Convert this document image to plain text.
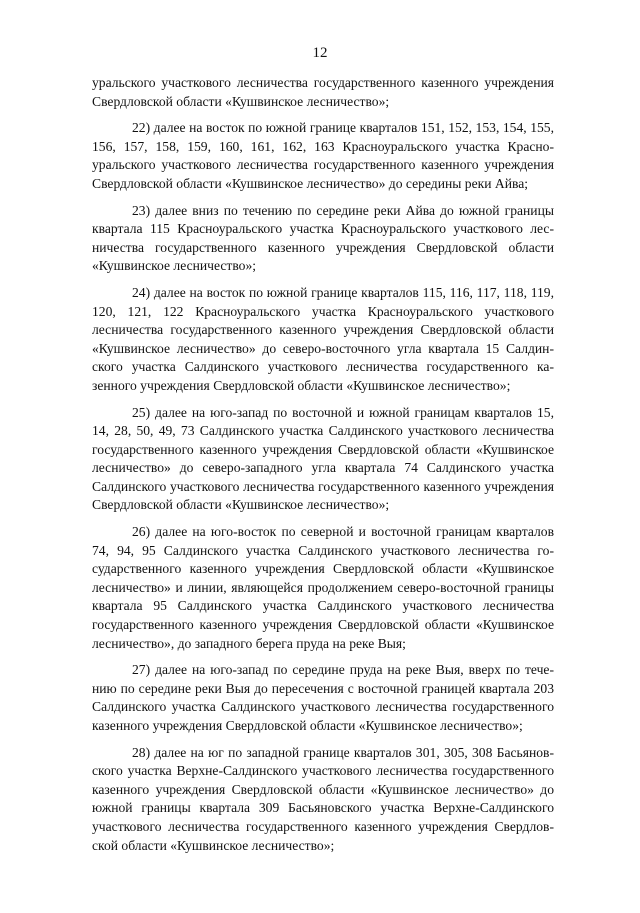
12

уральского участкового лесничества государственного казенного учреждения Свердловской области «Кушвинское лесничество»;

22) далее на восток по южной границе кварталов 151, 152, 153, 154, 155, 156, 157, 158, 159, 160, 161, 162, 163 Красноуральского участка Красноуральского участкового лесничества государственного казенного учреждения Свердловской области «Кушвинское лесничество» до середины реки Айва;

23) далее вниз по течению по середине реки Айва до южной границы квартала 115 Красноуральского участка Красноуральского участкового лесничества государственного казенного учреждения Свердловской области «Кушвинское лесничество»;

24) далее на восток по южной границе кварталов 115, 116, 117, 118, 119, 120, 121, 122 Красноуральского участка Красноуральского участкового лесничества государственного казенного учреждения Свердловской области «Кушвинское лесничество» до северо-восточного угла квартала 15 Салдинского участка Салдинского участкового лесничества государственного казенного учреждения Свердловской области «Кушвинское лесничество»;

25) далее на юго-запад по восточной и южной границам кварталов 15, 14, 28, 50, 49, 73 Салдинского участка Салдинского участкового лесничества государственного казенного учреждения Свердловской области «Кушвинское лесничество» до северо-западного угла квартала 74 Салдинского участка Салдинского участкового лесничества государственного казенного учреждения Свердловской области «Кушвинское лесничество»;

26) далее на юго-восток по северной и восточной границам кварталов 74, 94, 95 Салдинского участка Салдинского участкового лесничества государственного казенного учреждения Свердловской области «Кушвинское лесничество» и линии, являющейся продолжением северо-восточной границы квартала 95 Салдинского участка Салдинского участкового лесничества государственного казенного учреждения Свердловской области «Кушвинское лесничество», до западного берега пруда на реке Выя;

27) далее на юго-запад по середине пруда на реке Выя, вверх по течению по середине реки Выя до пересечения с восточной границей квартала 203 Салдинского участка Салдинского участкового лесничества государственного казенного учреждения Свердловской области «Кушвинское лесничество»;

28) далее на юг по западной границе кварталов 301, 305, 308 Басьяновского участка Верхне-Салдинского участкового лесничества государственного казенного учреждения Свердловской области «Кушвинское лесничество» до южной границы квартала 309 Басьяновского участка Верхне-Салдинского участкового лесничества государственного казенного учреждения Свердловской области «Кушвинское лесничество»;
